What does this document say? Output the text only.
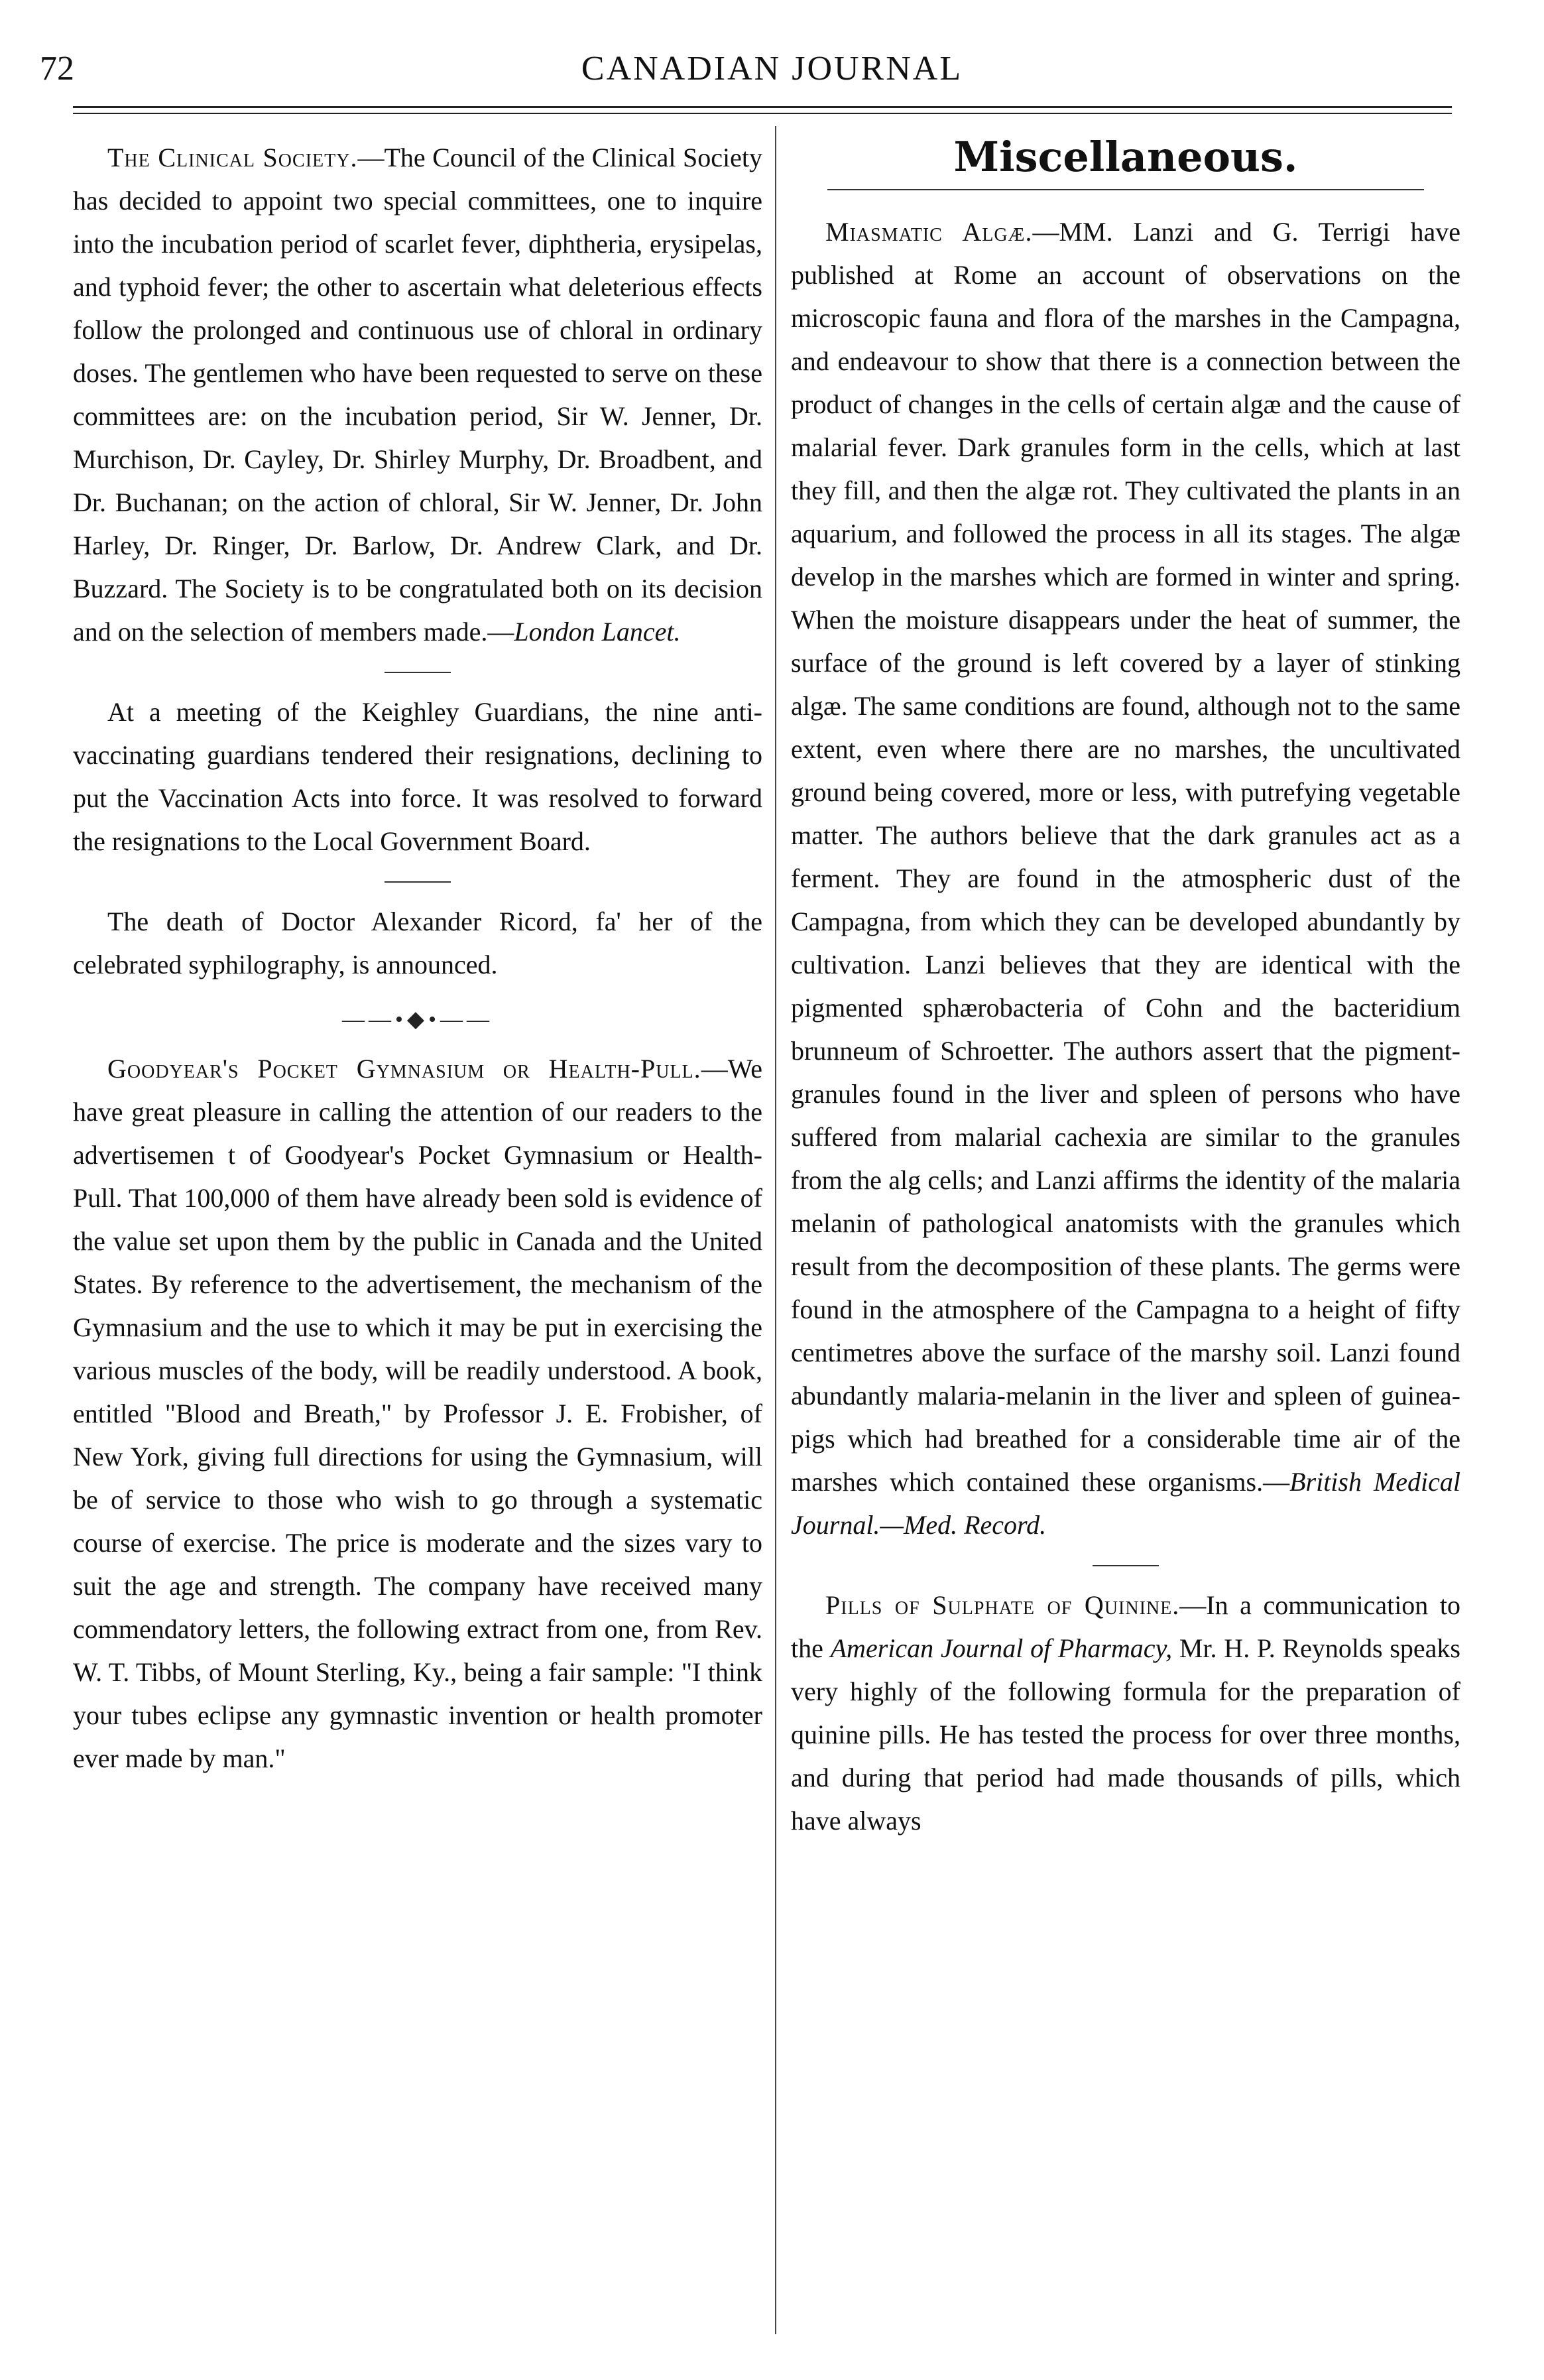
72	CANADIAN JOURNAL

The Clinical Society.—The Council of the Clinical Society has decided to appoint two special committees, one to inquire into the incubation period of scarlet fever, diphtheria, erysipelas, and typhoid fever; the other to ascertain what deleterious effects follow the prolonged and continuous use of chloral in ordinary doses. The gentlemen who have been requested to serve on these committees are: on the incubation period, Sir W. Jenner, Dr. Murchison, Dr. Cayley, Dr. Shirley Murphy, Dr. Broadbent, and Dr. Buchanan; on the action of chloral, Sir W. Jenner, Dr. John Harley, Dr. Ringer, Dr. Barlow, Dr. Andrew Clark, and Dr. Buzzard. The Society is to be congratulated both on its decision and on the selection of members made.—London Lancet.

At a meeting of the Keighley Guardians, the nine anti-vaccinating guardians tendered their resignations, declining to put the Vaccination Acts into force. It was resolved to forward the resignations to the Local Government Board.

The death of Doctor Alexander Ricord, fa' her of the celebrated syphilography, is announced.

——•◆•——

Goodyear's Pocket Gymnasium or Health-Pull.—We have great pleasure in calling the attention of our readers to the advertisemen t of Goodyear's Pocket Gymnasium or Health-Pull. That 100,000 of them have already been sold is evidence of the value set upon them by the public in Canada and the United States. By reference to the advertisement, the mechanism of the Gymnasium and the use to which it may be put in exercising the various muscles of the body, will be readily understood. A book, entitled "Blood and Breath," by Professor J. E. Frobisher, of New York, giving full directions for using the Gymnasium, will be of service to those who wish to go through a systematic course of exercise. The price is moderate and the sizes vary to suit the age and strength. The company have received many commendatory letters, the following extract from one, from Rev. W. T. Tibbs, of Mount Sterling, Ky., being a fair sample: "I think your tubes eclipse any gymnastic invention or health promoter ever made by man."

Miscellaneous.

Miasmatic Algæ.—MM. Lanzi and G. Terrigi have published at Rome an account of observations on the microscopic fauna and flora of the marshes in the Campagna, and endeavour to show that there is a connection between the product of changes in the cells of certain algæ and the cause of malarial fever. Dark granules form in the cells, which at last they fill, and then the algæ rot. They cultivated the plants in an aquarium, and followed the process in all its stages. The algæ develop in the marshes which are formed in winter and spring. When the moisture disappears under the heat of summer, the surface of the ground is left covered by a layer of stinking algæ. The same conditions are found, although not to the same extent, even where there are no marshes, the uncultivated ground being covered, more or less, with putrefying vegetable matter. The authors believe that the dark granules act as a ferment. They are found in the atmospheric dust of the Campagna, from which they can be developed abundantly by cultivation. Lanzi believes that they are identical with the pigmented sphærobacteria of Cohn and the bacteridium brunneum of Schroetter. The authors assert that the pigment-granules found in the liver and spleen of persons who have suffered from malarial cachexia are similar to the granules from the alg cells; and Lanzi affirms the identity of the malaria melanin of pathological anatomists with the granules which result from the decomposition of these plants. The germs were found in the atmosphere of the Campagna to a height of fifty centimetres above the surface of the marshy soil. Lanzi found abundantly malaria-melanin in the liver and spleen of guinea-pigs which had breathed for a considerable time air of the marshes which contained these organisms.—British Medical Journal.—Med. Record.

Pills of Sulphate of Quinine.—In a communication to the American Journal of Pharmacy, Mr. H. P. Reynolds speaks very highly of the following formula for the preparation of quinine pills. He has tested the process for over three months, and during that period had made thousands of pills, which have always
